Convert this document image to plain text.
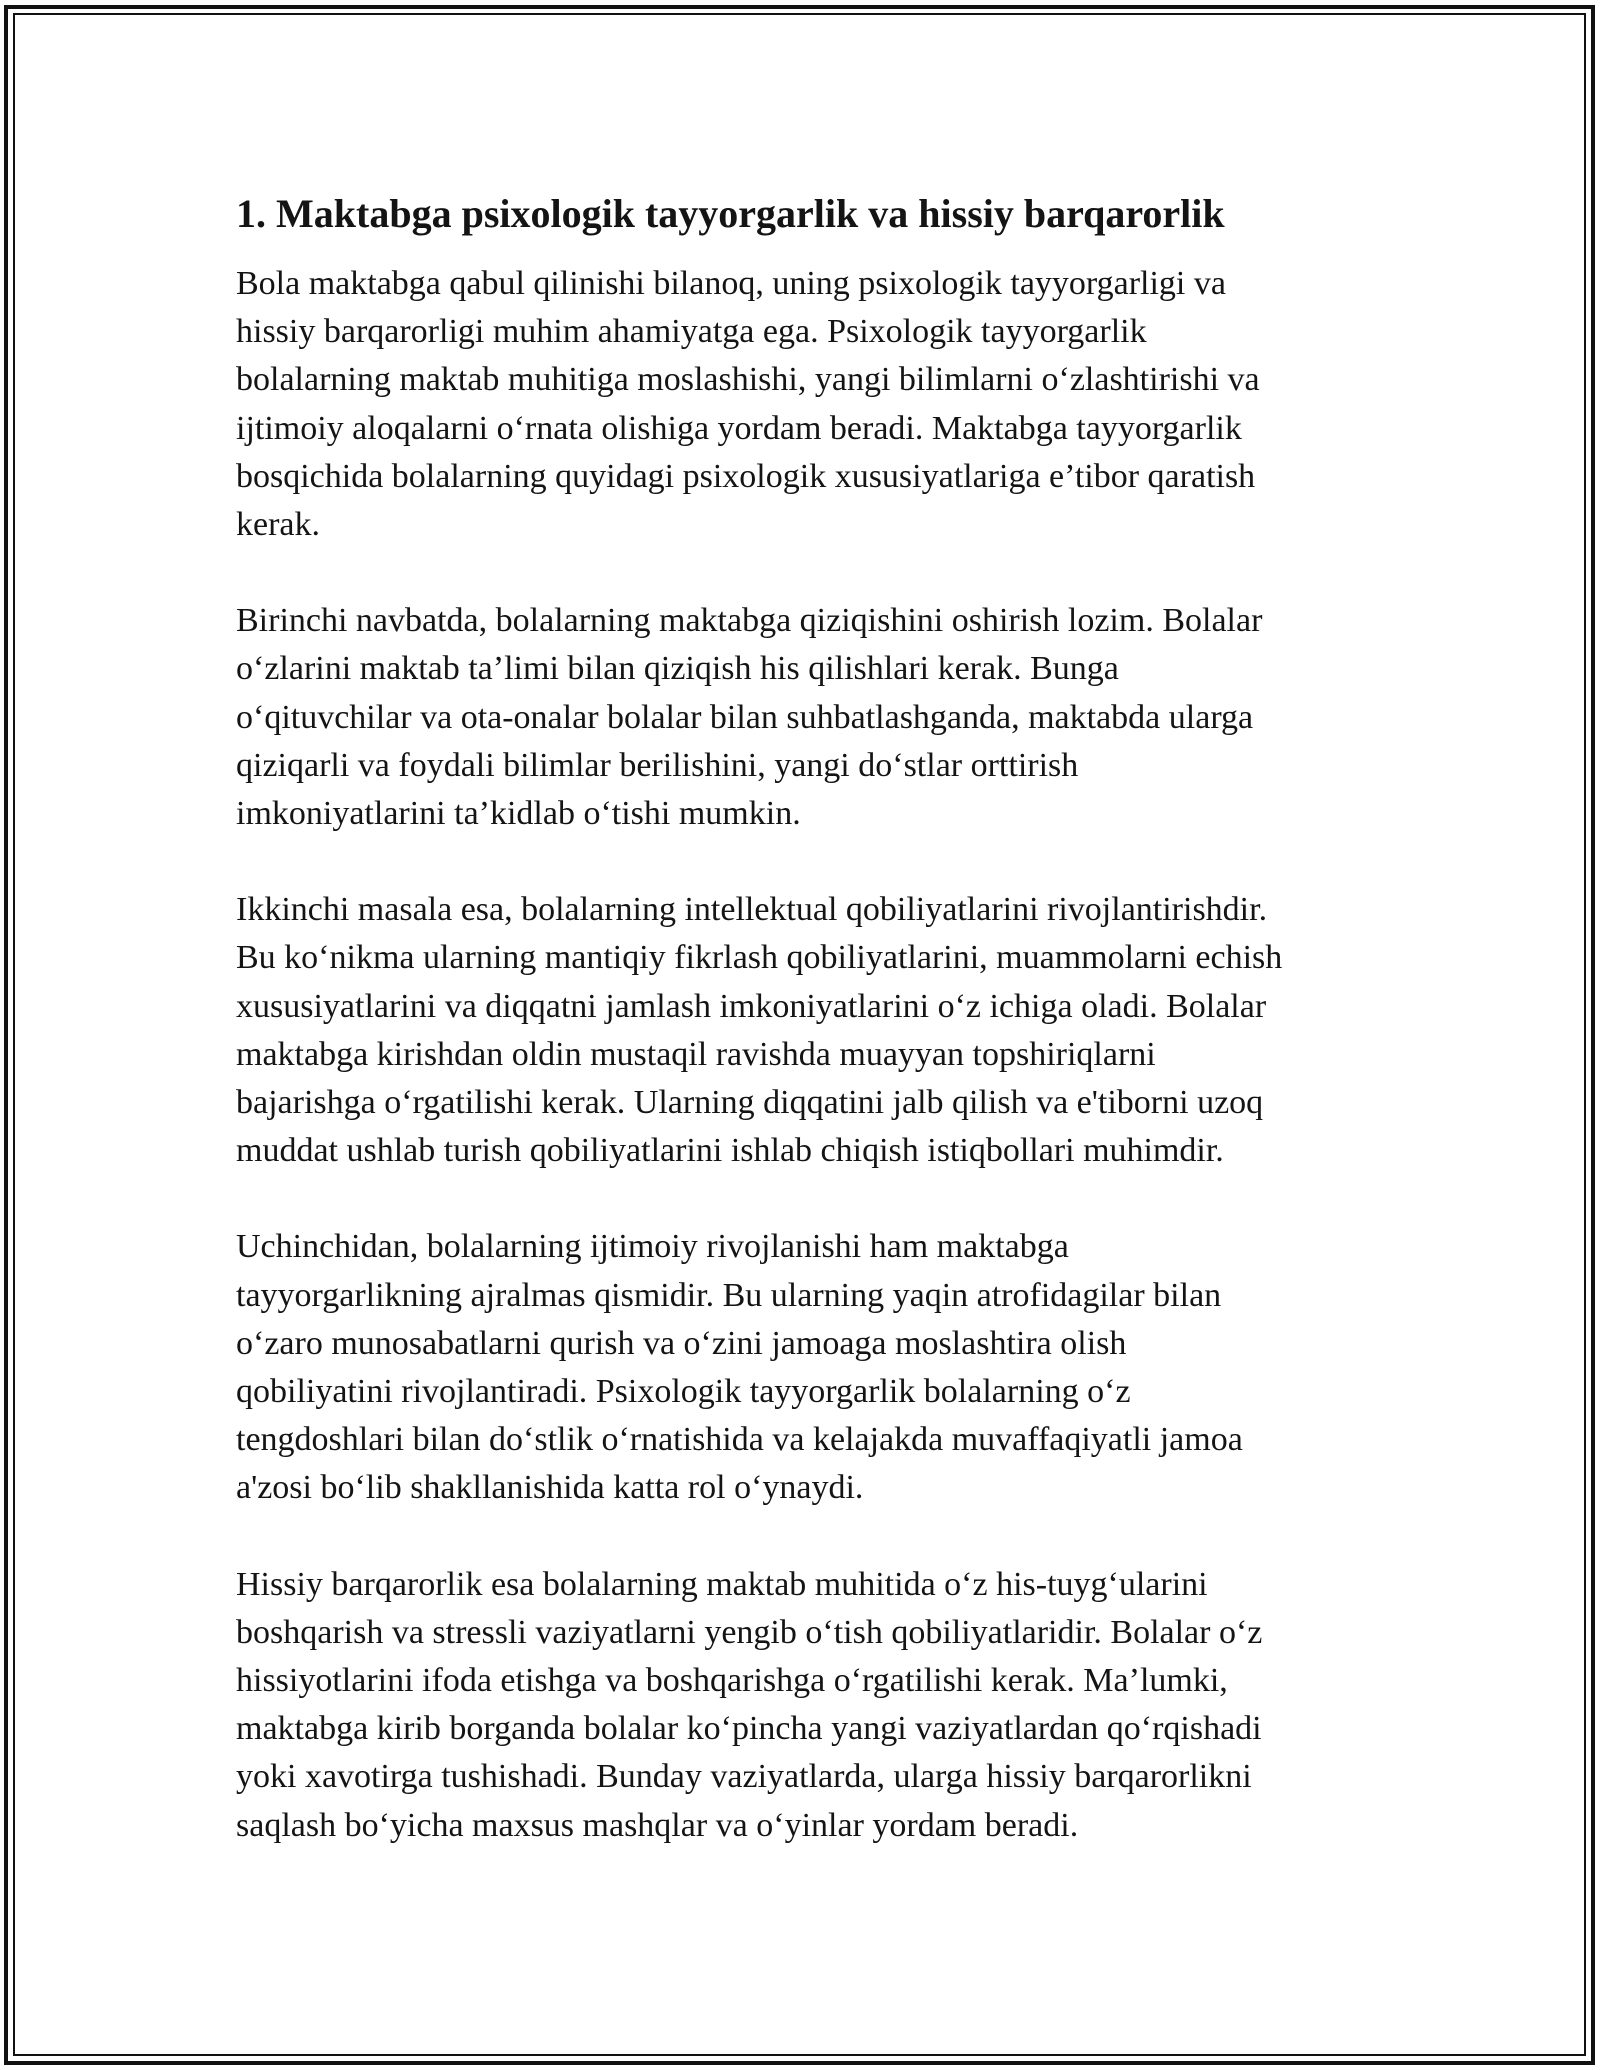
1. Maktabga psixologik tayyorgarlik va hissiy barqarorlik

Bola maktabga qabul qilinishi bilanoq, uning psixologik tayyorgarligi va
hissiy barqarorligi muhim ahamiyatga ega. Psixologik tayyorgarlik
bolalarning maktab muhitiga moslashishi, yangi bilimlarni o‘zlashtirishi va
ijtimoiy aloqalarni o‘rnata olishiga yordam beradi. Maktabga tayyorgarlik
bosqichida bolalarning quyidagi psixologik xususiyatlariga e’tibor qaratish
kerak.

Birinchi navbatda, bolalarning maktabga qiziqishini oshirish lozim. Bolalar
o‘zlarini maktab ta’limi bilan qiziqish his qilishlari kerak. Bunga
o‘qituvchilar va ota-onalar bolalar bilan suhbatlashganda, maktabda ularga
qiziqarli va foydali bilimlar berilishini, yangi do‘stlar orttirish
imkoniyatlarini ta’kidlab o‘tishi mumkin.

Ikkinchi masala esa, bolalarning intellektual qobiliyatlarini rivojlantirishdir.
Bu ko‘nikma ularning mantiqiy fikrlash qobiliyatlarini, muammolarni echish
xususiyatlarini va diqqatni jamlash imkoniyatlarini o‘z ichiga oladi. Bolalar
maktabga kirishdan oldin mustaqil ravishda muayyan topshiriqlarni
bajarishga o‘rgatilishi kerak. Ularning diqqatini jalb qilish va e'tiborni uzoq
muddat ushlab turish qobiliyatlarini ishlab chiqish istiqbollari muhimdir.

Uchinchidan, bolalarning ijtimoiy rivojlanishi ham maktabga
tayyorgarlikning ajralmas qismidir. Bu ularning yaqin atrofidagilar bilan
o‘zaro munosabatlarni qurish va o‘zini jamoaga moslashtira olish
qobiliyatini rivojlantiradi. Psixologik tayyorgarlik bolalarning o‘z
tengdoshlari bilan do‘stlik o‘rnatishida va kelajakda muvaffaqiyatli jamoa
a'zosi bo‘lib shakllanishida katta rol o‘ynaydi.

Hissiy barqarorlik esa bolalarning maktab muhitida o‘z his-tuyg‘ularini
boshqarish va stressli vaziyatlarni yengib o‘tish qobiliyatlaridir. Bolalar o‘z
hissiyotlarini ifoda etishga va boshqarishga o‘rgatilishi kerak. Ma’lumki,
maktabga kirib borganda bolalar ko‘pincha yangi vaziyatlardan qo‘rqishadi
yoki xavotirga tushishadi. Bunday vaziyatlarda, ularga hissiy barqarorlikni
saqlash bo‘yicha maxsus mashqlar va o‘yinlar yordam beradi.
